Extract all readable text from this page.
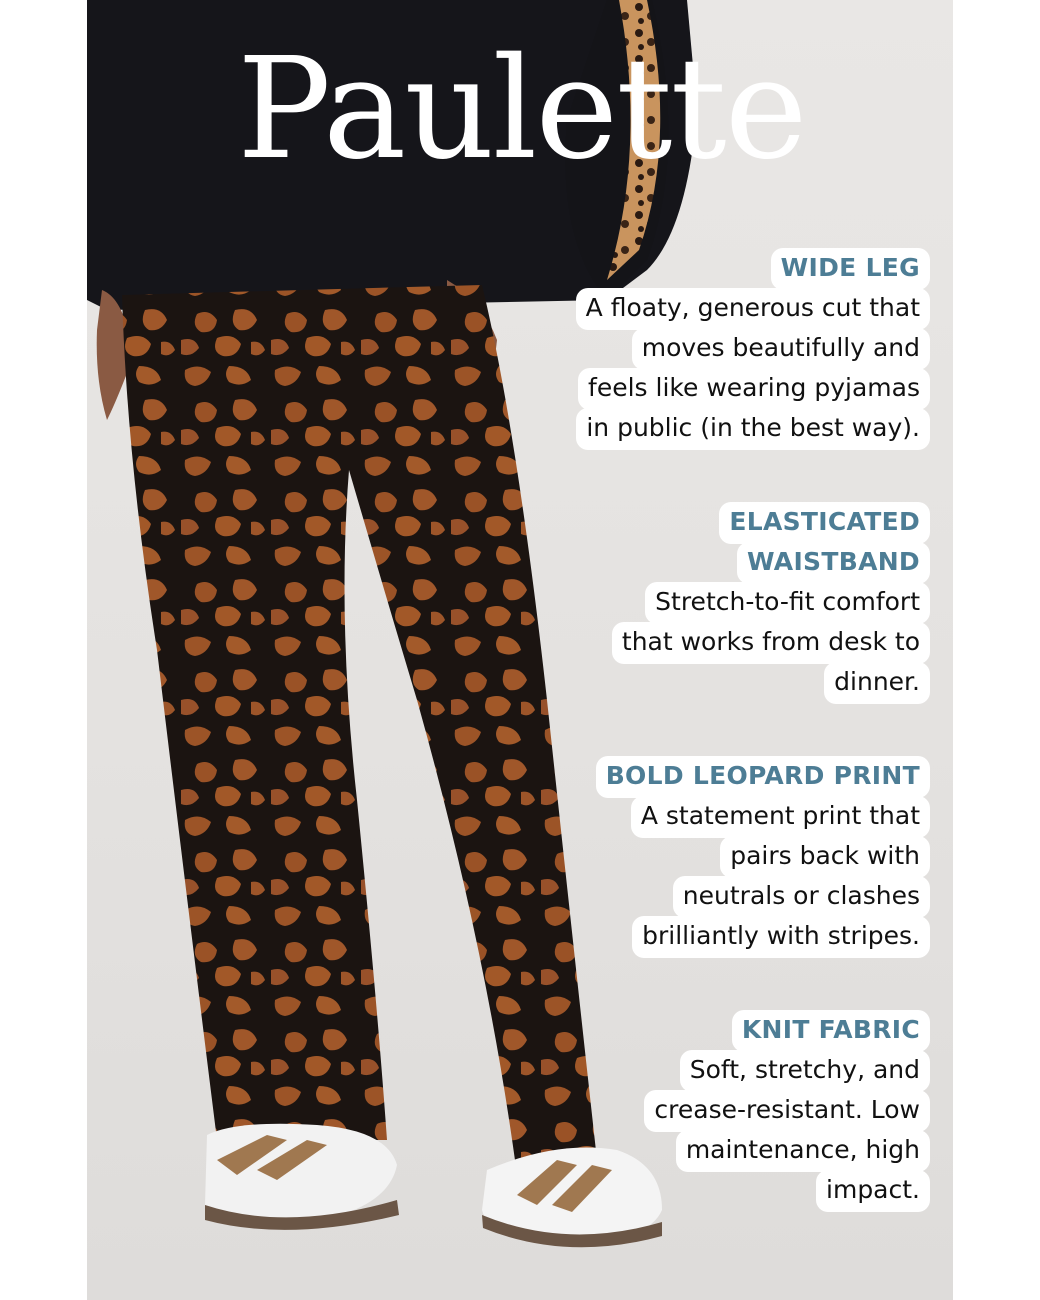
Paulette
WIDE LEG
A floaty, generous cut that
moves beautifully and
feels like wearing pyjamas
in public (in the best way).
ELASTICATED
WAISTBAND
Stretch-to-fit comfort
that works from desk to
dinner.
BOLD LEOPARD PRINT
A statement print that
pairs back with
neutrals or clashes
brilliantly with stripes.
KNIT FABRIC
Soft, stretchy, and
crease-resistant. Low
maintenance, high
impact.
